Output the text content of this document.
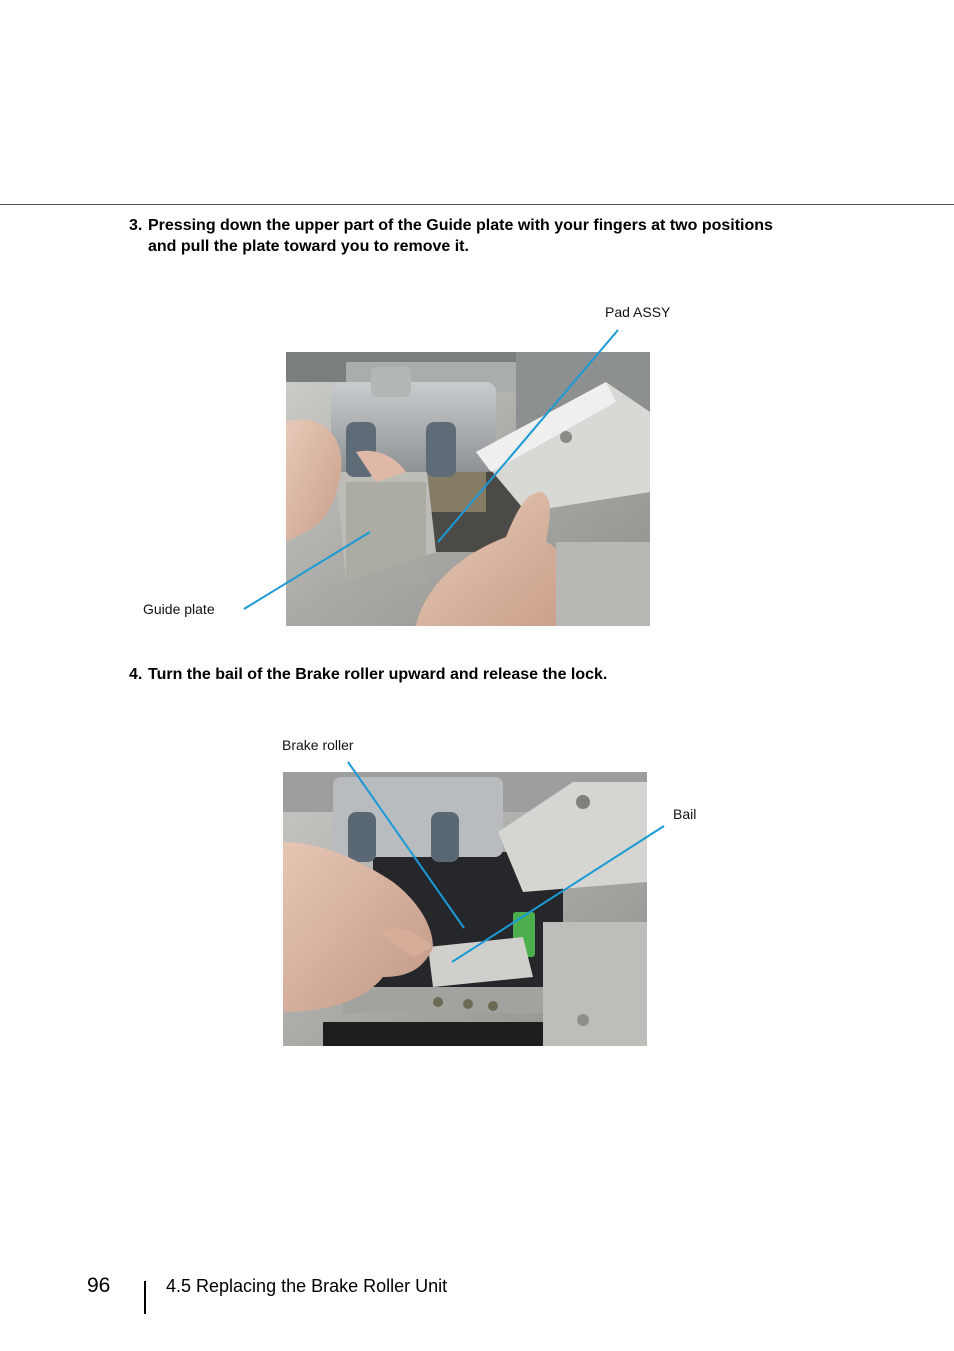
3. Pressing down the upper part of the Guide plate with your fingers at two positions
and pull the plate toward you to remove it.
Pad ASSY
Guide plate
4. Turn the bail of the Brake roller upward and release the lock.
Brake roller
Bail
96	4.5 Replacing the Brake Roller Unit
